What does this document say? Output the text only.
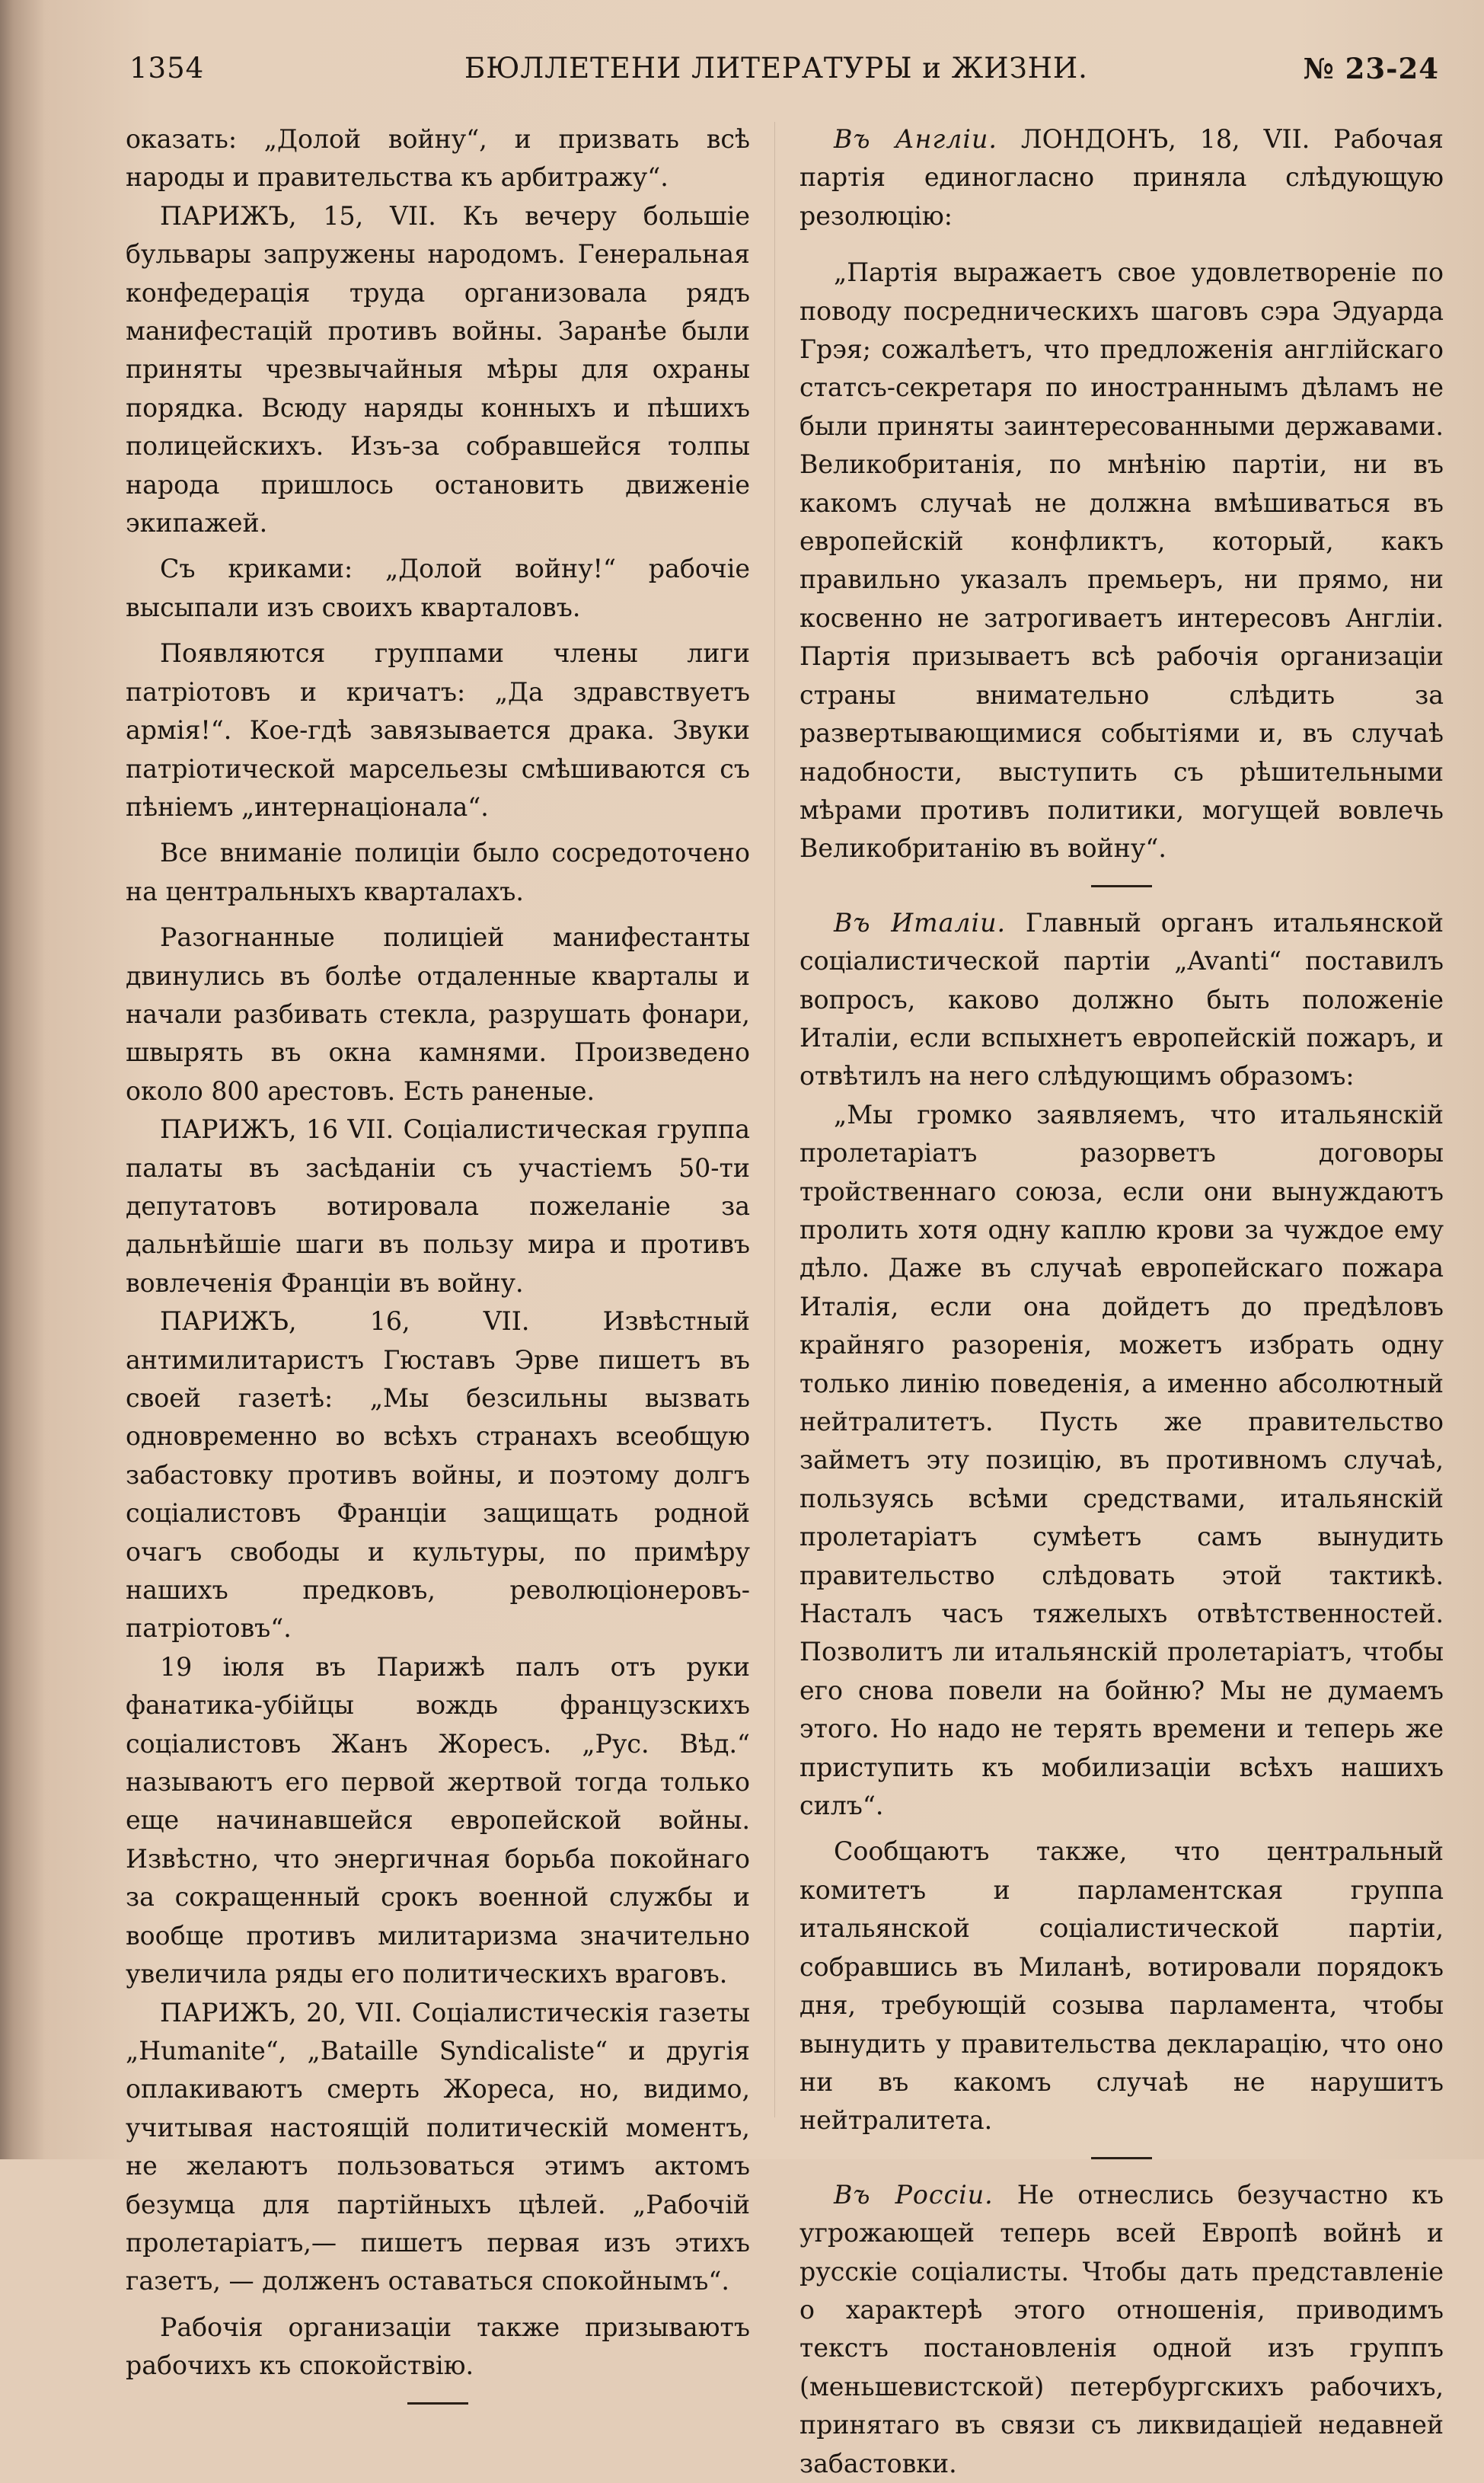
1354	БЮЛЛЕТЕНИ ЛИТЕРАТУРЫ и ЖИЗНИ.	№ 23-24

оказать: „Долой войну“, и призвать всѣ народы и правительства къ арбитражу“.

ПАРИЖЪ, 15, VII. Къ вечеру большіе бульвары запружены народомъ. Генеральная конфедерація труда организовала рядъ манифестацій противъ войны. Заранѣе были приняты чрезвычайныя мѣры для охраны порядка. Всюду наряды конныхъ и пѣшихъ полицейскихъ. Изъ-за собравшейся толпы народа пришлось остановить движеніе экипажей.

Съ криками: „Долой войну!“ рабочіе высыпали изъ своихъ кварталовъ.

Появляются группами члены лиги патріотовъ и кричатъ: „Да здравствуетъ армія!“. Кое-гдѣ завязывается драка. Звуки патріотической марсельезы смѣшиваются съ пѣніемъ „интернаціонала“.

Все вниманіе полиціи было сосредоточено на центральныхъ кварталахъ.

Разогнанные полиціей манифестанты двинулись въ болѣе отдаленные кварталы и начали разбивать стекла, разрушать фонари, швырять въ окна камнями. Произведено около 800 арестовъ. Есть раненые.

ПАРИЖЪ, 16 VII. Соціалистическая группа палаты въ засѣданіи съ участіемъ 50-ти депутатовъ вотировала пожеланіе за дальнѣйшіе шаги въ пользу мира и противъ вовлеченія Франціи въ войну.

ПАРИЖЪ, 16, VII. Извѣстный антимилитаристъ Гюставъ Эрве пишетъ въ своей газетѣ: „Мы безсильны вызвать одновременно во всѣхъ странахъ всеобщую забастовку противъ войны, и поэтому долгъ соціалистовъ Франціи защищать родной очагъ свободы и культуры, по примѣру нашихъ предковъ, революціонеровъ-патріотовъ“.

19 іюля въ Парижѣ палъ отъ руки фанатика-убійцы вождь французскихъ соціалистовъ Жанъ Жоресъ. „Рус. Вѣд.“ называютъ его первой жертвой тогда только еще начинавшейся европейской войны. Извѣстно, что энергичная борьба покойнаго за сокращенный срокъ военной службы и вообще противъ милитаризма значительно увеличила ряды его политическихъ враговъ.

ПАРИЖЪ, 20, VII. Соціалистическія газеты „Humanite“, „Bataille Syndicaliste“ и другія оплакиваютъ смерть Жореса, но, видимо, учитывая настоящій политическій моментъ, не желаютъ пользоваться этимъ актомъ безумца для партійныхъ цѣлей. „Рабочій пролетаріатъ,— пишетъ первая изъ этихъ газетъ, — долженъ оставаться спокойнымъ“.

Рабочія организаціи также призываютъ рабочихъ къ спокойствію.

Въ Англіи. ЛОНДОНЪ, 18, VII. Рабочая партія единогласно приняла слѣдующую резолюцію:

„Партія выражаетъ свое удовлетвореніе по поводу посредническихъ шаговъ сэра Эдуарда Грэя; сожалѣетъ, что предложенія англійскаго статсъ-секретаря по иностраннымъ дѣламъ не были приняты заинтересованными державами. Великобританія, по мнѣнію партіи, ни въ какомъ случаѣ не должна вмѣшиваться въ европейскій конфликтъ, который, какъ правильно указалъ премьеръ, ни прямо, ни косвенно не затрогиваетъ интересовъ Англіи. Партія призываетъ всѣ рабочія организаціи страны внимательно слѣдить за развертывающимися событіями и, въ случаѣ надобности, выступить съ рѣшительными мѣрами противъ политики, могущей вовлечь Великобританію въ войну“.

Въ Италіи. Главный органъ итальянской соціалистической партіи „Avanti“ поставилъ вопросъ, каково должно быть положеніе Италіи, если вспыхнетъ европейскій пожаръ, и отвѣтилъ на него слѣдующимъ образомъ:

„Мы громко заявляемъ, что итальянскій пролетаріатъ разорветъ договоры тройственнаго союза, если они вынуждаютъ пролить хотя одну каплю крови за чуждое ему дѣло. Даже въ случаѣ европейскаго пожара Италія, если она дойдетъ до предѣловъ крайняго разоренія, можетъ избрать одну только линію поведенія, а именно абсолютный нейтралитетъ. Пусть же правительство займетъ эту позицію, въ противномъ случаѣ, пользуясь всѣми средствами, итальянскій пролетаріатъ сумѣетъ самъ вынудить правительство слѣдовать этой тактикѣ. Насталъ часъ тяжелыхъ отвѣтственностей. Позволитъ ли итальянскій пролетаріатъ, чтобы его снова повели на бойню? Мы не думаемъ этого. Но надо не терять времени и теперь же приступить къ мобилизаціи всѣхъ нашихъ силъ“.

Сообщаютъ также, что центральный комитетъ и парламентская группа итальянской соціалистической партіи, собравшись въ Миланѣ, вотировали порядокъ дня, требующій созыва парламента, чтобы вынудить у правительства декларацію, что оно ни въ какомъ случаѣ не нарушитъ нейтралитета.

Въ Россіи. Не отнеслись безучастно къ угрожающей теперь всей Европѣ войнѣ и русскіе соціалисты. Чтобы дать представленіе о характерѣ этого отношенія, приводимъ текстъ постановленія одной изъ группъ (меньшевистской) петербургскихъ рабочихъ, принятаго въ связи съ ликвидаціей недавней забастовки.
